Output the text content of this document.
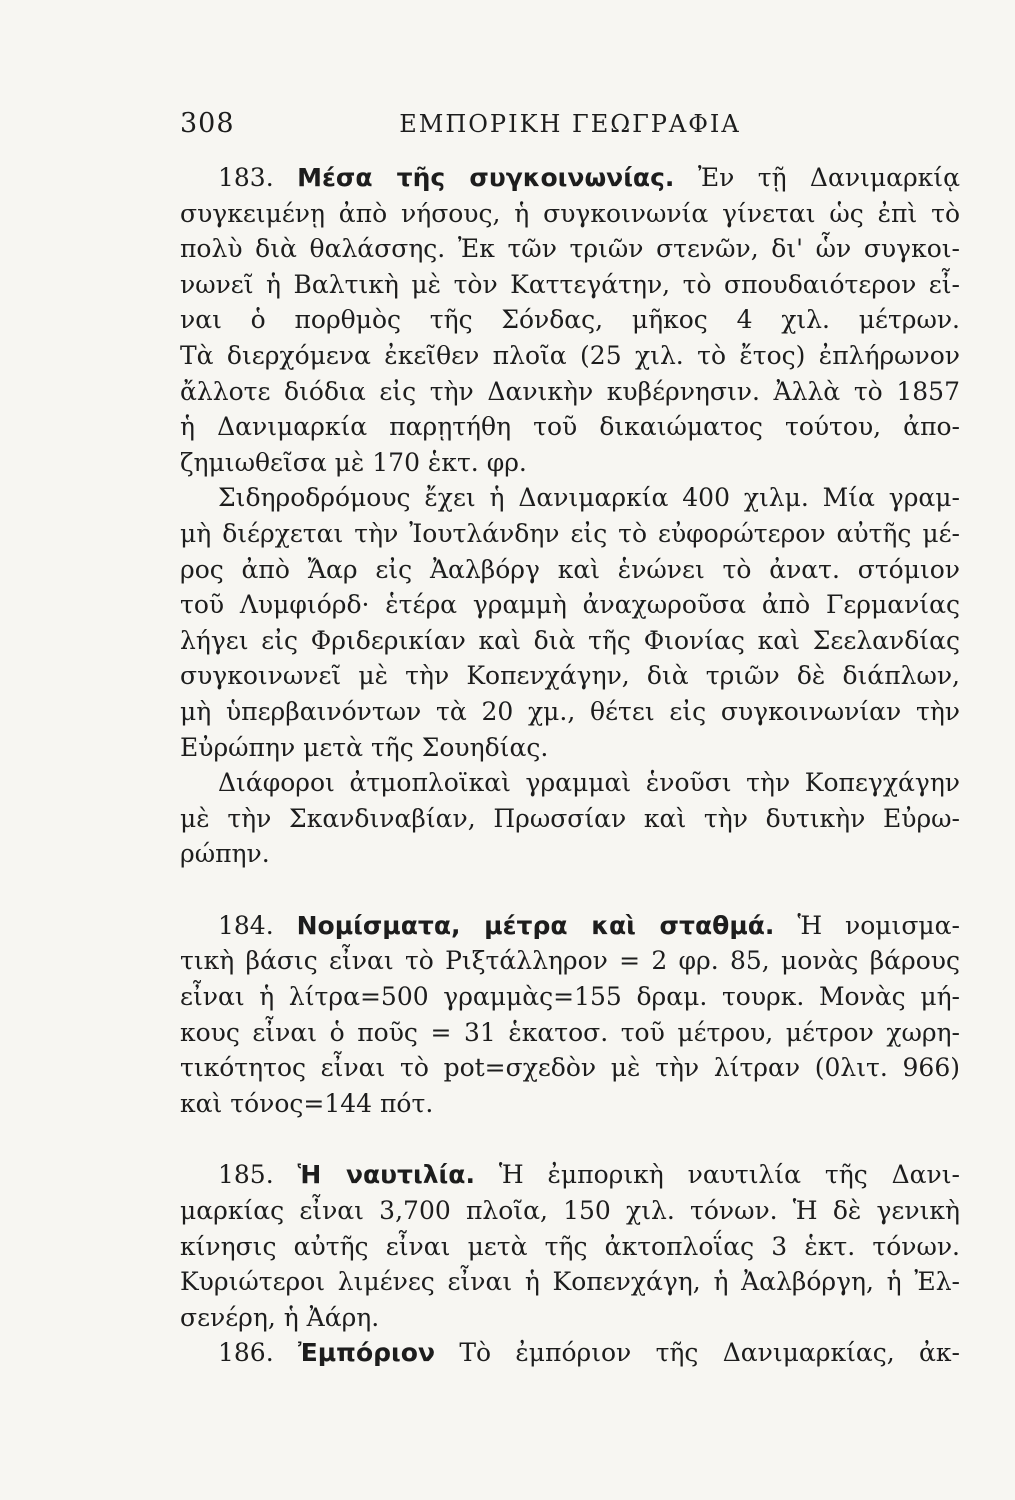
308	ΕΜΠΟΡΙΚΗ ΓΕΩΓΡΑΦΙΑ
183. Μέσα τῆς συγκοινωνίας. Ἐν τῇ Δανιμαρκίᾳ
συγκειμένῃ ἀπὸ νήσους, ἡ συγκοινωνία γίνεται ὡς ἐπὶ τὸ
πολὺ διὰ θαλάσσης. Ἐκ τῶν τριῶν στενῶν, δι' ὧν συγκοι-
νωνεῖ ἡ Βαλτικὴ μὲ τὸν Καττεγάτην, τὸ σπουδαιότερον εἶ-
ναι ὁ πορθμὸς τῆς Σόνδας, μῆκος 4 χιλ. μέτρων.
Τὰ διερχόμενα ἐκεῖθεν πλοῖα (25 χιλ. τὸ ἔτος) ἐπλήρωνον
ἄλλοτε διόδια εἰς τὴν Δανικὴν κυβέρνησιν. Ἀλλὰ τὸ 1857
ἡ Δανιμαρκία παρῃτήθη τοῦ δικαιώματος τούτου, ἀπο-
ζημιωθεῖσα μὲ 170 ἑκτ. φρ.
Σιδηροδρόμους ἔχει ἡ Δανιμαρκία 400 χιλμ. Μία γραμ-
μὴ διέρχεται τὴν Ἰουτλάνδην εἰς τὸ εὐφορώτερον αὐτῆς μέ-
ρος ἀπὸ Ἄαρ εἰς Ἀαλβόργ καὶ ἑνώνει τὸ ἀνατ. στόμιον
τοῦ Λυμφιόρδ· ἑτέρα γραμμὴ ἀναχωροῦσα ἀπὸ Γερμανίας
λήγει εἰς Φριδερικίαν καὶ διὰ τῆς Φιονίας καὶ Σεελανδίας
συγκοινωνεῖ μὲ τὴν Κοπενχάγην, διὰ τριῶν δὲ διάπλων,
μὴ ὑπερβαινόντων τὰ 20 χμ., θέτει εἰς συγκοινωνίαν τὴν
Εὐρώπην μετὰ τῆς Σουηδίας.
Διάφοροι ἀτμοπλοϊκαὶ γραμμαὶ ἑνοῦσι τὴν Κοπεγχάγην
μὲ τὴν Σκανδιναβίαν, Πρωσσίαν καὶ τὴν δυτικὴν Εὐρω-
ρώπην.
184. Νομίσματα, μέτρα καὶ σταθμά. Ἡ νομισμα-
τικὴ βάσις εἶναι τὸ Ριξτάλληρον = 2 φρ. 85, μονὰς βάρους
εἶναι ἡ λίτρα=500 γραμμὰς=155 δραμ. τουρκ. Μονὰς μή-
κους εἶναι ὁ ποῦς = 31 ἑκατοσ. τοῦ μέτρου, μέτρον χωρη-
τικότητος εἶναι τὸ pot=σχεδὸν μὲ τὴν λίτραν (0λιτ. 966)
καὶ τόνος=144 πότ.
185. Ἡ ναυτιλία. Ἡ ἐμπορικὴ ναυτιλία τῆς Δανι-
μαρκίας εἶναι 3,700 πλοῖα, 150 χιλ. τόνων. Ἡ δὲ γενικὴ
κίνησις αὐτῆς εἶναι μετὰ τῆς ἀκτοπλοΐας 3 ἑκτ. τόνων.
Κυριώτεροι λιμένες εἶναι ἡ Κοπενχάγη, ἡ Ἀαλβόργη, ἡ Ἐλ-
σενέρη, ἡ Ἀάρη.
186. Ἐμπόριον Τὸ ἐμπόριον τῆς Δανιμαρκίας, ἀκ-
